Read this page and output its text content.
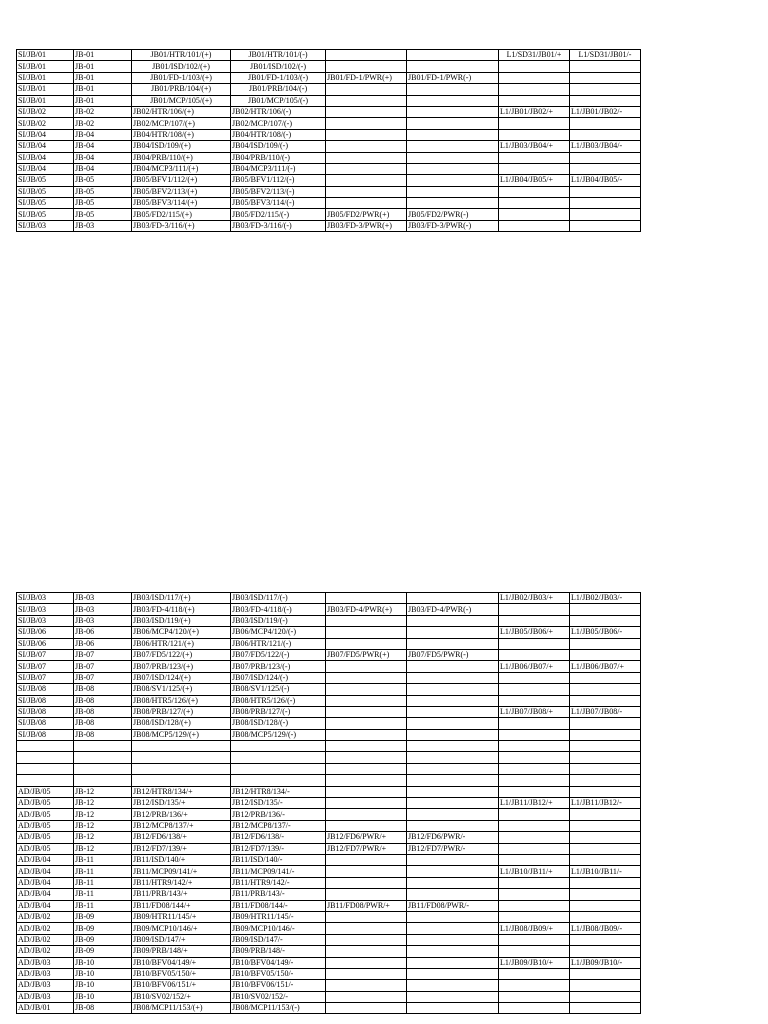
SI/JB/01	JB-01	JB01/HTR/101/(+)	JB01/HTR/101/(-)			L1/SD31/JB01/+	L1/SD31/JB01/-
SI/JB/01	JB-01	JB01/ISD/102/(+)	JB01/ISD/102/(-)				
SI/JB/01	JB-01	JB01/FD-1/103/(+)	JB01/FD-1/103/(-)	JB01/FD-1/PWR(+)	JB01/FD-1/PWR(-)		
SI/JB/01	JB-01	JB01/PRB/104/(+)	JB01/PRB/104/(-)				
SI/JB/01	JB-01	JB01/MCP/105/(+)	JB01/MCP/105/(-)				
SI/JB/02	JB-02	JB02/HTR/106/(+)	JB02/HTR/106/(-)			L1/JB01/JB02/+	L1/JB01/JB02/-
SI/JB/02	JB-02	JB02/MCP/107/(+)	JB02/MCP/107/(-)				
SI/JB/04	JB-04	JB04/HTR/108/(+)	JB04/HTR/108/(-)				
SI/JB/04	JB-04	JB04/ISD/109/(+)	JB04/ISD/109/(-)			L1/JB03/JB04/+	L1/JB03/JB04/-
SI/JB/04	JB-04	JB04/PRB/110/(+)	JB04/PRB/110/(-)				
SI/JB/04	JB-04	JB04/MCP3/111/(+)	JB04/MCP3/111/(-)				
SI/JB/05	JB-05	JB05/BFV1/112/(+)	JB05/BFV1/112/(-)			L1/JB04/JB05/+	L1/JB04/JB05/-
SI/JB/05	JB-05	JB05/BFV2/113/(+)	JB05/BFV2/113/(-)				
SI/JB/05	JB-05	JB05/BFV3/114/(+)	JB05/BFV3/114/(-)				
SI/JB/05	JB-05	JB05/FD2/115/(+)	JB05/FD2/115/(-)	JB05/FD2/PWR(+)	JB05/FD2/PWR(-)		
SI/JB/03	JB-03	JB03/FD-3/116/(+)	JB03/FD-3/116/(-)	JB03/FD-3/PWR(+)	JB03/FD-3/PWR(-)		
SI/JB/03	JB-03	JB03/ISD/117/(+)	JB03/ISD/117/(-)			L1/JB02/JB03/+	L1/JB02/JB03/-
SI/JB/03	JB-03	JB03/FD-4/118/(+)	JB03/FD-4/118/(-)	JB03/FD-4/PWR(+)	JB03/FD-4/PWR(-)		
SI/JB/03	JB-03	JB03/ISD/119/(+)	JB03/ISD/119/(-)				
SI/JB/06	JB-06	JB06/MCP4/120/(+)	JB06/MCP4/120/(-)			L1/JB05/JB06/+	L1/JB05/JB06/-
SI/JB/06	JB-06	JB06/HTR/121/(+)	JB06/HTR/121/(-)				
SI/JB/07	JB-07	JB07/FD5/122/(+)	JB07/FD5/122/(-)	JB07/FD5/PWR(+)	JB07/FD5/PWR(-)		
SI/JB/07	JB-07	JB07/PRB/123/(+)	JB07/PRB/123/(-)			L1/JB06/JB07/+	L1/JB06/JB07/+
SI/JB/07	JB-07	JB07/ISD/124/(+)	JB07/ISD/124/(-)				
SI/JB/08	JB-08	JB08/SV1/125/(+)	JB08/SV1/125/(-)				
SI/JB/08	JB-08	JB08/HTR5/126/(+)	JB08/HTR5/126/(-)				
SI/JB/08	JB-08	JB08/PRB/127/(+)	JB08/PRB/127/(-)			L1/JB07/JB08/+	L1/JB07/JB08/-
SI/JB/08	JB-08	JB08/ISD/128/(+)	JB08/ISD/128/(-)				
SI/JB/08	JB-08	JB08/MCP5/129/(+)	JB08/MCP5/129/(-)				

AD/JB/05	JB-12	JB12/HTR8/134/+	JB12/HTR8/134/-				
AD/JB/05	JB-12	JB12/ISD/135/+	JB12/ISD/135/-			L1/JB11/JB12/+	L1/JB11/JB12/-
AD/JB/05	JB-12	JB12/PRB/136/+	JB12/PRB/136/-				
AD/JB/05	JB-12	JB12/MCP8/137/+	JB12/MCP8/137/-				
AD/JB/05	JB-12	JB12/FD6/138/+	JB12/FD6/138/-	JB12/FD6/PWR/+	JB12/FD6/PWR/-		
AD/JB/05	JB-12	JB12/FD7/139/+	JB12/FD7/139/-	JB12/FD7/PWR/+	JB12/FD7/PWR/-		
AD/JB/04	JB-11	JB11/ISD/140/+	JB11/ISD/140/-				
AD/JB/04	JB-11	JB11/MCP09/141/+	JB11/MCP09/141/-			L1/JB10/JB11/+	L1/JB10/JB11/-
AD/JB/04	JB-11	JB11/HTR9/142/+	JB11/HTR9/142/-				
AD/JB/04	JB-11	JB11/PRB/143/+	JB11/PRB/143/-				
AD/JB/04	JB-11	JB11/FD08/144/+	JB11/FD08/144/-	JB11/FD08/PWR/+	JB11/FD08/PWR/-		
AD/JB/02	JB-09	JB09/HTR11/145/+	JB09/HTR11/145/-				
AD/JB/02	JB-09	JB09/MCP10/146/+	JB09/MCP10/146/-			L1/JB08/JB09/+	L1/JB08/JB09/-
AD/JB/02	JB-09	JB09/ISD/147/+	JB09/ISD/147/-				
AD/JB/02	JB-09	JB09/PRB/148/+	JB09/PRB/148/-				
AD/JB/03	JB-10	JB10/BFV04/149/+	JB10/BFV04/149/-			L1/JB09/JB10/+	L1/JB09/JB10/-
AD/JB/03	JB-10	JB10/BFV05/150/+	JB10/BFV05/150/-				
AD/JB/03	JB-10	JB10/BFV06/151/+	JB10/BFV06/151/-				
AD/JB/03	JB-10	JB10/SV02/152/+	JB10/SV02/152/-				
AD/JB/01	JB-08	JB08/MCP11/153/(+)	JB08/MCP11/153/(-)				
